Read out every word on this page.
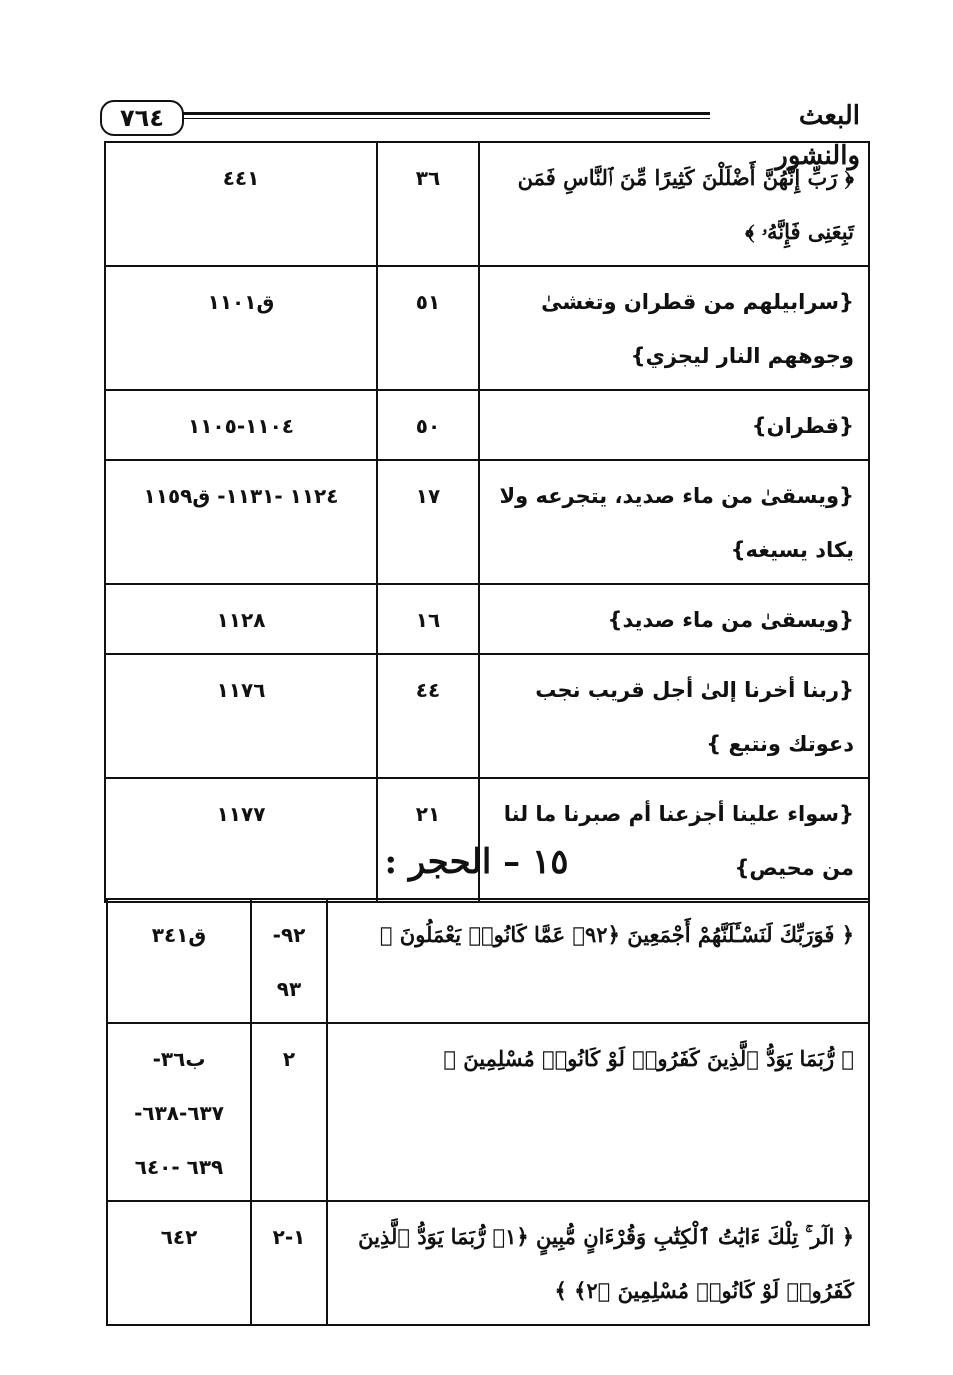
٧٦٤	البعث والنشور
﴿ رَبِّ إِنَّهُنَّ أَضْلَلْنَ كَثِيرًا مِّنَ ٱلنَّاسِ فَمَن تَبِعَنِى فَإِنَّهُۥ ﴾	٣٦	٤٤١
{سرابيلهم من قطران وتغشىٰ وجوههم النار ليجزي}	٥١	ق١١٠١
{قطران}	٥٠	١١٠٤-١١٠٥
{ويسقىٰ من ماء صديد، يتجرعه ولا يكاد يسيغه}	١٧	١١٢٤ -١١٣١- ق١١٥٩
{ويسقىٰ من ماء صديد}	١٦	١١٢٨
{ربنا أخرنا إلىٰ أجل قريب نجب دعوتك ونتبع }	٤٤	١١٧٦
{سواء علينا أجزعنا أم صبرنا ما لنا من محيص}	٢١	١١٧٧
١٥ – الحجر :
﴿ فَوَرَبِّكَ لَنَسْـَٔلَنَّهُمْ أَجْمَعِينَ ﴿٩٢﴾ عَمَّا كَانُوا۟ يَعْمَلُونَ ﴾	٩٢- ٩٣	ق٣٤١
﴿ رُّبَمَا يَوَدُّ ٱلَّذِينَ كَفَرُوا۟ لَوْ كَانُوا۟ مُسْلِمِينَ ﴾	٢	ب٣٦- ٦٣٧-٦٣٨- ٦٣٩ -٦٤٠
﴿ الٓر ۚ تِلْكَ ءَايَٰتُ ٱلْكِتَٰبِ وَقُرْءَانٍ مُّبِينٍ ﴿١﴾ رُّبَمَا يَوَدُّ ٱلَّذِينَ كَفَرُوا۟ لَوْ كَانُوا۟ مُسْلِمِينَ ﴿٢﴾ ﴾	١-٢	٦٤٢
